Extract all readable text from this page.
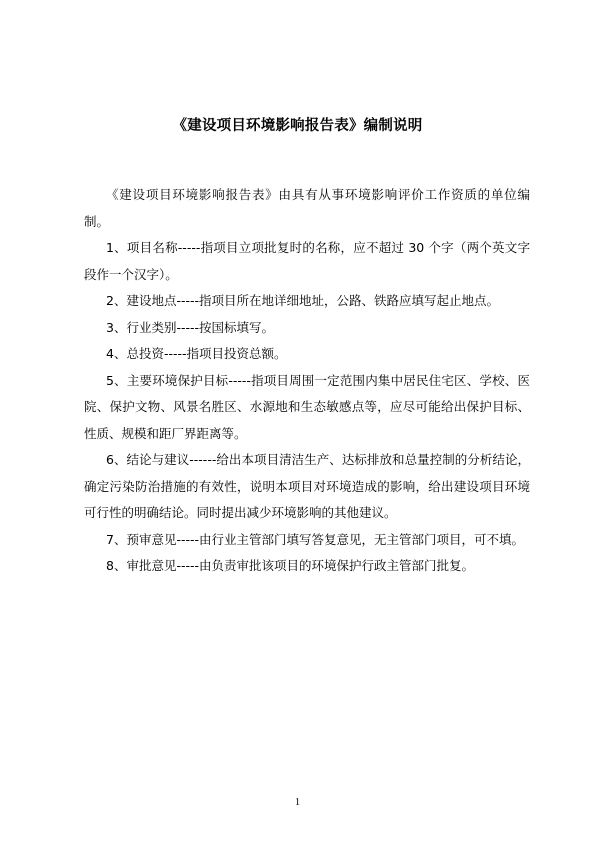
《建设项目环境影响报告表》编制说明

《建设项目环境影响报告表》由具有从事环境影响评价工作资质的单位编制。

1、项目名称-----指项目立项批复时的名称，应不超过 30 个字（两个英文字段作一个汉字）。

2、建设地点-----指项目所在地详细地址，公路、铁路应填写起止地点。

3、行业类别-----按国标填写。

4、总投资-----指项目投资总额。

5、主要环境保护目标-----指项目周围一定范围内集中居民住宅区、学校、医院、保护文物、风景名胜区、水源地和生态敏感点等，应尽可能给出保护目标、性质、规模和距厂界距离等。

6、结论与建议------给出本项目清洁生产、达标排放和总量控制的分析结论，确定污染防治措施的有效性，说明本项目对环境造成的影响，给出建设项目环境可行性的明确结论。同时提出减少环境影响的其他建议。

7、预审意见-----由行业主管部门填写答复意见，无主管部门项目，可不填。

8、审批意见-----由负责审批该项目的环境保护行政主管部门批复。

1
